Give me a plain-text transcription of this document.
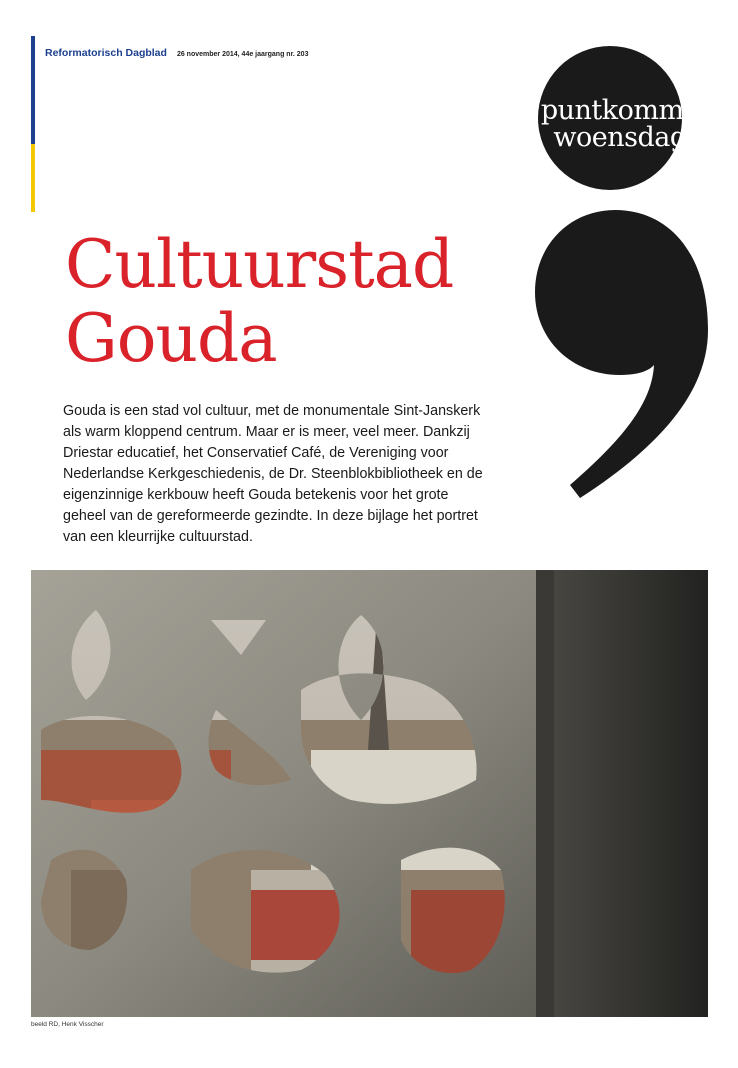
Reformatorisch Dagblad 26 november 2014, 44e jaargang nr. 203
puntkomma
woensdag
Cultuurstad
Gouda

Gouda is een stad vol cultuur, met de monumentale Sint-Janskerk als warm kloppend centrum. Maar er is meer, veel meer. Dankzij Driestar educatief, het Conservatief Café, de Vereniging voor Nederlandse Kerkgeschiedenis, de Dr. Steenblokbibliotheek en de eigenzinnige kerkbouw heeft Gouda betekenis voor het grote geheel van de gereformeerde gezindte. In deze bijlage het portret van een kleurrijke cultuurstad.

beeld RD, Henk Visscher
